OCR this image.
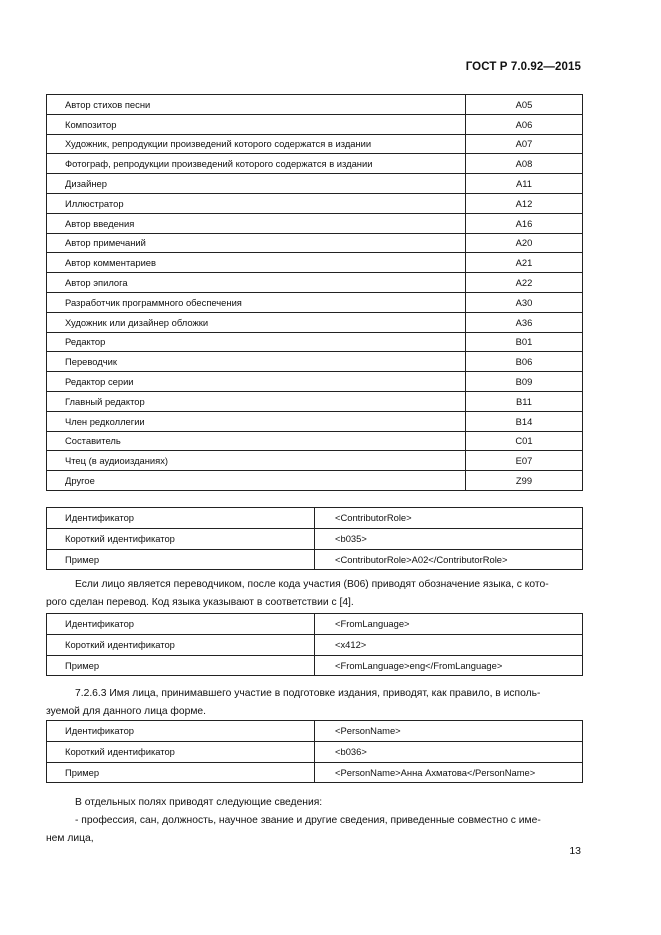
ГОСТ Р 7.0.92—2015
Автор стихов песни	A05
Композитор	A06
Художник, репродукции произведений которого содержатся в издании	A07
Фотограф, репродукции произведений которого содержатся в издании	A08
Дизайнер	A11
Иллюстратор	A12
Автор введения	A16
Автор примечаний	A20
Автор комментариев	A21
Автор эпилога	A22
Разработчик программного обеспечения	A30
Художник или дизайнер обложки	A36
Редактор	B01
Переводчик	B06
Редактор серии	B09
Главный редактор	B11
Член редколлегии	B14
Составитель	C01
Чтец (в аудиоизданиях)	E07
Другое	Z99
Идентификатор	<ContributorRole>
Короткий идентификатор	<b035>
Пример	<ContributorRole>A02</ContributorRole>
Если лицо является переводчиком, после кода участия (B06) приводят обозначение языка, с кото-
рого сделан перевод. Код языка указывают в соответствии с [4].
Идентификатор	<FromLanguage>
Короткий идентификатор	<x412>
Пример	<FromLanguage>eng</FromLanguage>
7.2.6.3 Имя лица, принимавшего участие в подготовке издания, приводят, как правило, в исполь-
зуемой для данного лица форме.
Идентификатор	<PersonName>
Короткий идентификатор	<b036>
Пример	<PersonName>Анна Ахматова</PersonName>
В отдельных полях приводят следующие сведения:
- профессия, сан, должность, научное звание и другие сведения, приведенные совместно с име-
нем лица,
13
